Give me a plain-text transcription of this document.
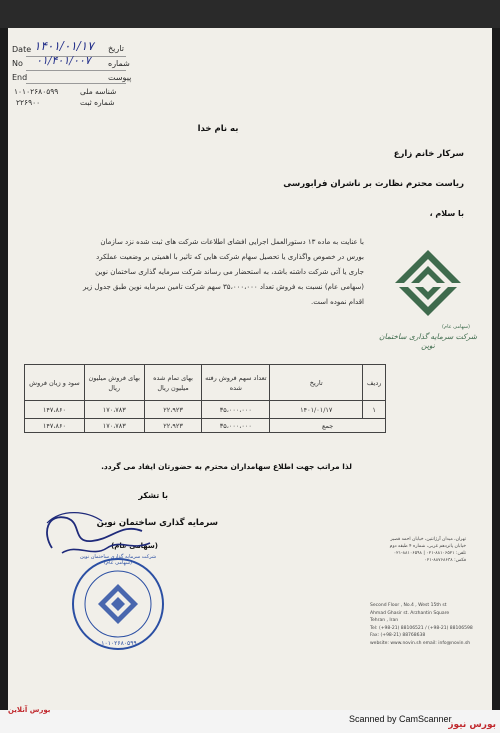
Date ۱۴۰۱/۰۱/۱۷ تاریخ
No ۰۱/۴۰۱/۰۰۷ شماره
End	پیوست
۱۰۱۰۲۶۸۰۵۹۹	شناسه ملی
۲۲۶۹۰۰	شماره ثبت
به نام خدا
سرکار خانم زارع
ریاست محترم نظارت بر ناشران فرابورسی
با سلام ،
با عنایت به ماده ۱۳ دستورالعمل اجرایی افشای اطلاعات شرکت های ثبت شده نزد سازمان
بورس در خصوص واگذاری یا تحصیل سهام شرکت هایی که تاثیر با اهمیتی بر وضعیت عملکرد
جاری یا آتی شرکت داشته باشد، به استحضار می رساند شرکت سرمایه گذاری ساختمان نوین
(سهامی عام) نسبت به فروش تعداد ۳۵،۰۰۰،۰۰۰ سهم شرکت تامین سرمایه نوین طبق جدول زیر
اقدام نموده است.
شرکت سرمایه گذاری ساختمان نوین
(سهامی عام)
ردیف	تاریخ	تعداد سهم فروش رفته شده	بهای تمام شده میلیون ریال	بهای فروش میلیون ریال	سود و زیان فروش
۱	۱۴۰۱/۰۱/۱۷	۳۵،۰۰۰،۰۰۰	۲۲،۹۲۳	۱۷۰،۷۸۳	۱۴۷،۸۶۰
جمع		۳۵،۰۰۰،۰۰۰	۲۲،۹۲۳	۱۷۰،۷۸۳	۱۴۷،۸۶۰
لذا مراتب جهت اطلاع سهامداران محترم به حضورتان ایفاد می گردد.
با تشکر
سرمایه گذاری ساختمان نوین
(سهامی عام)
شرکت سرمایه گذاری ساختمان نوین (سهامی عام)
۱۰۱۰۲۶۸۰۵۹۹
تهران، میدان آرژانتین، خیابان احمد قصیر
خیابان پانزدهم غربی، شماره ۴ طبقه دوم
تلفن: ۸۸۱۰۶۵۲۱-۰۲۱ | ۸۸۱۰۶۵۹۸-۰۲۱
فکس: ۸۸۷۶۸۶۳۸-۰۲۱
Second Floor , No.4 , West 15th st
Ahmad Ghasir st. Arzhantin Square
Tehran , Iran
Tel: (+98-21) 88106521 / (+98-21) 88106598
Fax: (+98-21) 88768638
website: www.novin.sh email: info@novin.sh
بورس آنلاین
Scanned by CamScanner
بورس نیوز
